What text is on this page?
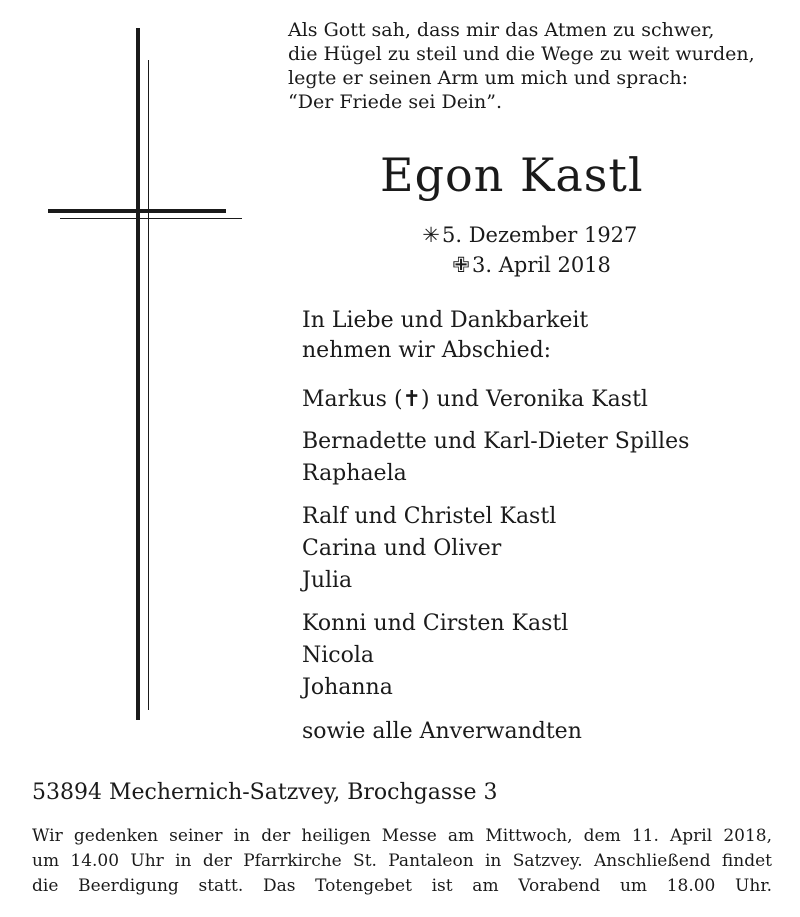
Als Gott sah, dass mir das Atmen zu schwer,
die Hügel zu steil und die Wege zu weit wurden,
legte er seinen Arm um mich und sprach:
“Der Friede sei Dein”.
Egon Kastl
✳ 5. Dezember 1927
✙ 3. April 2018
In Liebe und Dankbarkeit
nehmen wir Abschied:
Markus (✝) und Veronika Kastl
Bernadette und Karl-Dieter Spilles
Raphaela
Ralf und Christel Kastl
Carina und Oliver
Julia
Konni und Cirsten Kastl
Nicola
Johanna
sowie alle Anverwandten
53894 Mechernich-Satzvey, Brochgasse 3
Wir gedenken seiner in der heiligen Messe am Mittwoch, dem 11. April 2018,
um 14.00 Uhr in der Pfarrkirche St. Pantaleon in Satzvey. Anschließend findet
die Beerdigung statt. Das Totengebet ist am Vorabend um 18.00 Uhr.
